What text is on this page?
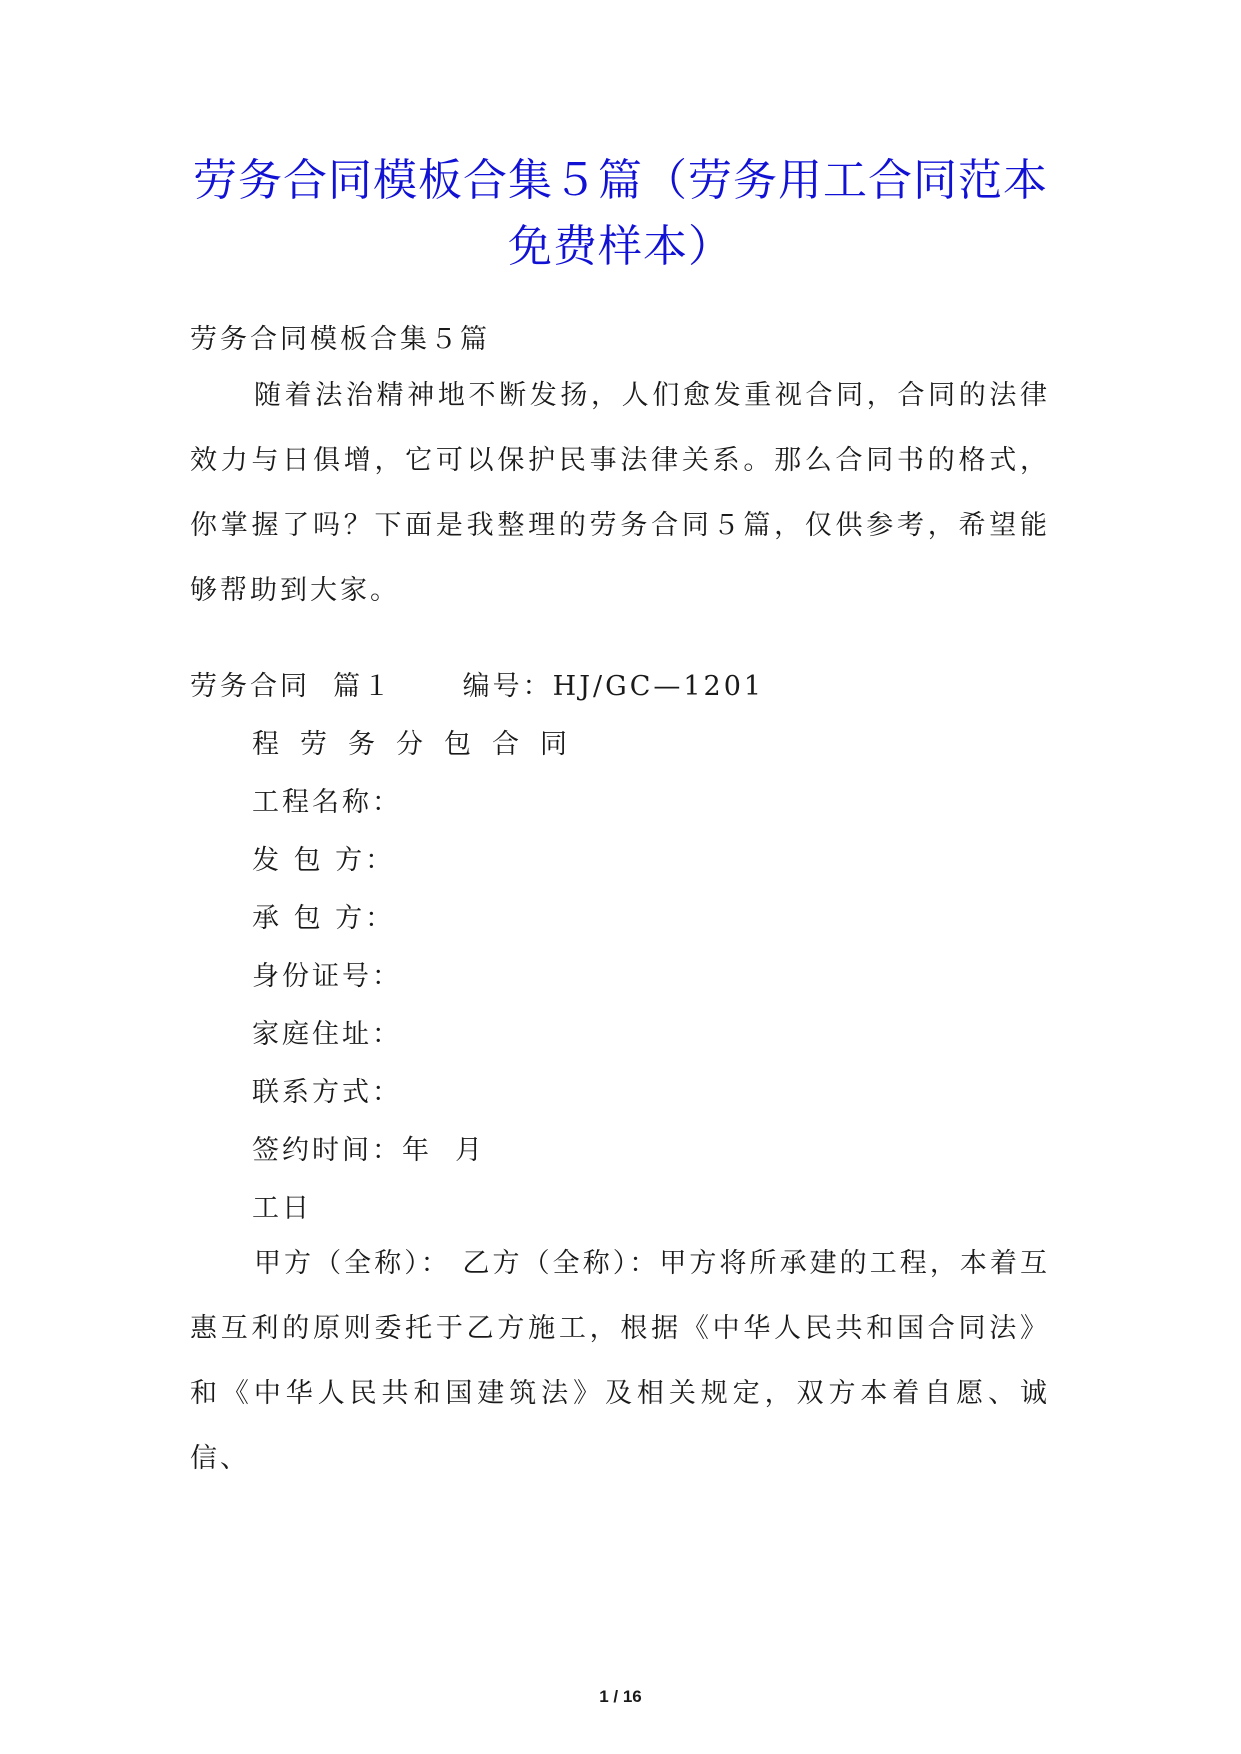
劳务合同模板合集５篇（劳务用工合同范本
免费样本）
劳务合同模板合集５篇
随着法治精神地不断发扬，人们愈发重视合同，合同的法律效力与日俱增，它可以保护民事法律关系。那么合同书的格式，你掌握了吗？下面是我整理的劳务合同５篇，仅供参考，希望能够帮助到大家。
劳务合同  篇１      编号：HJ/GC—1201
程劳务分包合同
工程名称：
发 包 方：
承 包 方：
身份证号：
家庭住址：
联系方式：
签约时间：年  月
工日
甲方（全称）： 乙方（全称）：甲方将所承建的工程，本着互惠互利的原则委托于乙方施工，根据《中华人民共和国合同法》和《中华人民共和国建筑法》及相关规定，双方本着自愿、诚信、
1 / 16
